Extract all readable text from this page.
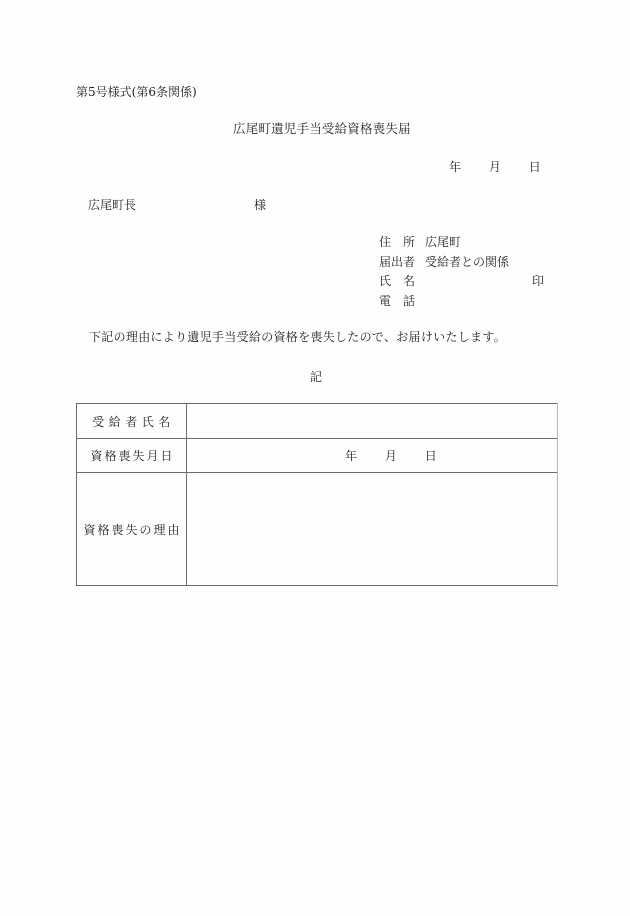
第5号様式(第6条関係)
広尾町遺児手当受給資格喪失届
年 月 日
広尾町長	様
住　所 広尾町
届出者 受給者との関係
氏　名
電　話
印
下記の理由により遺児手当受給の資格を喪失したので、お届けいたします。
記
受給者氏名	
資格喪失月日	年 月 日
資格喪失の理由	
